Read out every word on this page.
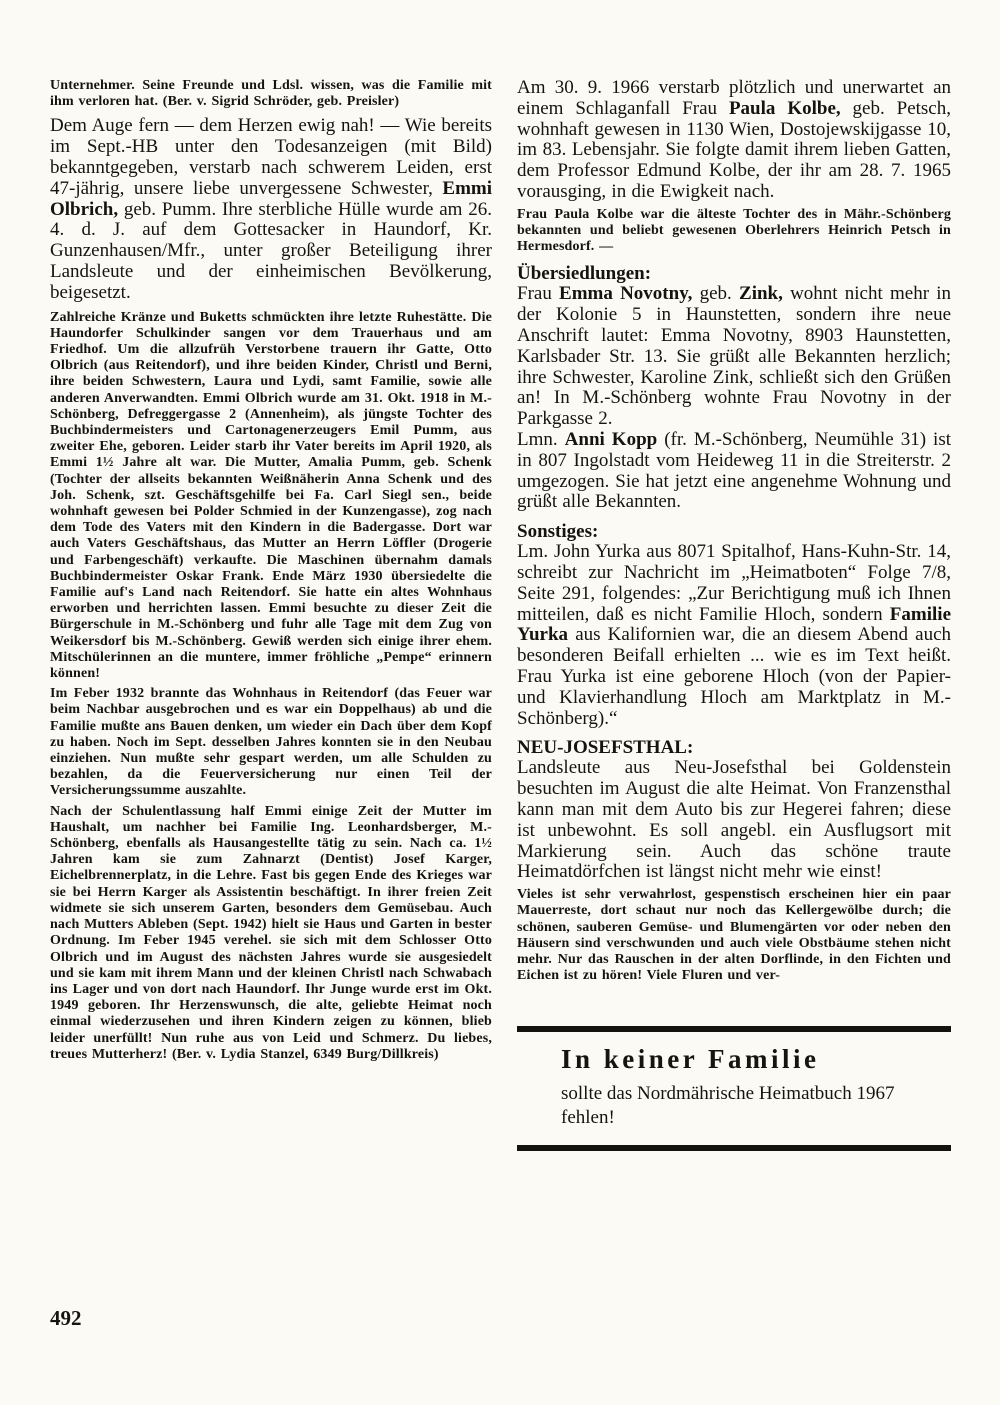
Unternehmer. Seine Freunde und Ldsl. wissen, was die Familie mit ihm verloren hat. (Ber. v. Sigrid Schröder, geb. Preisler)

Dem Auge fern — dem Herzen ewig nah! — Wie bereits im Sept.-HB unter den Todesanzeigen (mit Bild) bekanntgegeben, verstarb nach schwerem Leiden, erst 47-jährig, unsere liebe unvergessene Schwester, Emmi Olbrich, geb. Pumm. Ihre sterbliche Hülle wurde am 26. 4. d. J. auf dem Gottesacker in Haundorf, Kr. Gunzenhausen/Mfr., unter großer Beteiligung ihrer Landsleute und der einheimischen Bevölkerung, beigesetzt.

Zahlreiche Kränze und Buketts schmückten ihre letzte Ruhestätte. Die Haundorfer Schulkinder sangen vor dem Trauerhaus und am Friedhof. Um die allzufrüh Verstorbene trauern ihr Gatte, Otto Olbrich (aus Reitendorf), und ihre beiden Kinder, Christl und Berni, ihre beiden Schwestern, Laura und Lydi, samt Familie, sowie alle anderen Anverwandten. Emmi Olbrich wurde am 31. Okt. 1918 in M.-Schönberg, Defreggergasse 2 (Annenheim), als jüngste Tochter des Buchbindermeisters und Cartonagenerzeugers Emil Pumm, aus zweiter Ehe, geboren. Leider starb ihr Vater bereits im April 1920, als Emmi 1½ Jahre alt war. Die Mutter, Amalia Pumm, geb. Schenk (Tochter der allseits bekannten Weißnäherin Anna Schenk und des Joh. Schenk, szt. Geschäftsgehilfe bei Fa. Carl Siegl sen., beide wohnhaft gewesen bei Polder Schmied in der Kunzengasse), zog nach dem Tode des Vaters mit den Kindern in die Badergasse. Dort war auch Vaters Geschäftshaus, das Mutter an Herrn Löffler (Drogerie und Farbengeschäft) verkaufte. Die Maschinen übernahm damals Buchbindermeister Oskar Frank. Ende März 1930 übersiedelte die Familie auf's Land nach Reitendorf. Sie hatte ein altes Wohnhaus erworben und herrichten lassen. Emmi besuchte zu dieser Zeit die Bürgerschule in M.-Schönberg und fuhr alle Tage mit dem Zug von Weikersdorf bis M.-Schönberg. Gewiß werden sich einige ihrer ehem. Mitschülerinnen an die muntere, immer fröhliche „Pempe“ erinnern können!

Im Feber 1932 brannte das Wohnhaus in Reitendorf (das Feuer war beim Nachbar ausgebrochen und es war ein Doppelhaus) ab und die Familie mußte ans Bauen denken, um wieder ein Dach über dem Kopf zu haben. Noch im Sept. desselben Jahres konnten sie in den Neubau einziehen. Nun mußte sehr gespart werden, um alle Schulden zu bezahlen, da die Feuerversicherung nur einen Teil der Versicherungssumme auszahlte.

Nach der Schulentlassung half Emmi einige Zeit der Mutter im Haushalt, um nachher bei Familie Ing. Leonhardsberger, M.-Schönberg, ebenfalls als Hausangestellte tätig zu sein. Nach ca. 1½ Jahren kam sie zum Zahnarzt (Dentist) Josef Karger, Eichelbrennerplatz, in die Lehre. Fast bis gegen Ende des Krieges war sie bei Herrn Karger als Assistentin beschäftigt. In ihrer freien Zeit widmete sie sich unserem Garten, besonders dem Gemüsebau. Auch nach Mutters Ableben (Sept. 1942) hielt sie Haus und Garten in bester Ordnung. Im Feber 1945 verehel. sie sich mit dem Schlosser Otto Olbrich und im August des nächsten Jahres wurde sie ausgesiedelt und sie kam mit ihrem Mann und der kleinen Christl nach Schwabach ins Lager und von dort nach Haundorf. Ihr Junge wurde erst im Okt. 1949 geboren. Ihr Herzenswunsch, die alte, geliebte Heimat noch einmal wiederzusehen und ihren Kindern zeigen zu können, blieb leider unerfüllt! Nun ruhe aus von Leid und Schmerz. Du liebes, treues Mutterherz! (Ber. v. Lydia Stanzel, 6349 Burg/Dillkreis)

Am 30. 9. 1966 verstarb plötzlich und unerwartet an einem Schlaganfall Frau Paula Kolbe, geb. Petsch, wohnhaft gewesen in 1130 Wien, Dostojewskijgasse 10, im 83. Lebensjahr. Sie folgte damit ihrem lieben Gatten, dem Professor Edmund Kolbe, der ihr am 28. 7. 1965 vorausging, in die Ewigkeit nach.

Frau Paula Kolbe war die älteste Tochter des in Mähr.-Schönberg bekannten und beliebt gewesenen Oberlehrers Heinrich Petsch in Hermesdorf. —

Übersiedlungen:

Frau Emma Novotny, geb. Zink, wohnt nicht mehr in der Kolonie 5 in Haunstetten, sondern ihre neue Anschrift lautet: Emma Novotny, 8903 Haunstetten, Karlsbader Str. 13. Sie grüßt alle Bekannten herzlich; ihre Schwester, Karoline Zink, schließt sich den Grüßen an! In M.-Schönberg wohnte Frau Novotny in der Parkgasse 2.

Lmn. Anni Kopp (fr. M.-Schönberg, Neumühle 31) ist in 807 Ingolstadt vom Heideweg 11 in die Streiterstr. 2 umgezogen. Sie hat jetzt eine angenehme Wohnung und grüßt alle Bekannten.

Sonstiges:

Lm. John Yurka aus 8071 Spitalhof, Hans-Kuhn-Str. 14, schreibt zur Nachricht im „Heimatboten“ Folge 7/8, Seite 291, folgendes: „Zur Berichtigung muß ich Ihnen mitteilen, daß es nicht Familie Hloch, sondern Familie Yurka aus Kalifornien war, die an diesem Abend auch besonderen Beifall erhielten ... wie es im Text heißt. Frau Yurka ist eine geborene Hloch (von der Papier- und Klavierhandlung Hloch am Marktplatz in M.-Schönberg).“

NEU-JOSEFSTHAL:

Landsleute aus Neu-Josefsthal bei Goldenstein besuchten im August die alte Heimat. Von Franzensthal kann man mit dem Auto bis zur Hegerei fahren; diese ist unbewohnt. Es soll angebl. ein Ausflugsort mit Markierung sein. Auch das schöne traute Heimatdörfchen ist längst nicht mehr wie einst!

Vieles ist sehr verwahrlost, gespenstisch erscheinen hier ein paar Mauerreste, dort schaut nur noch das Kellergewölbe durch; die schönen, sauberen Gemüse- und Blumengärten vor oder neben den Häusern sind verschwunden und auch viele Obstbäume stehen nicht mehr. Nur das Rauschen in der alten Dorflinde, in den Fichten und Eichen ist zu hören! Viele Fluren und ver-

In keiner Familie
sollte das Nordmährische Heimatbuch 1967 fehlen!
492
